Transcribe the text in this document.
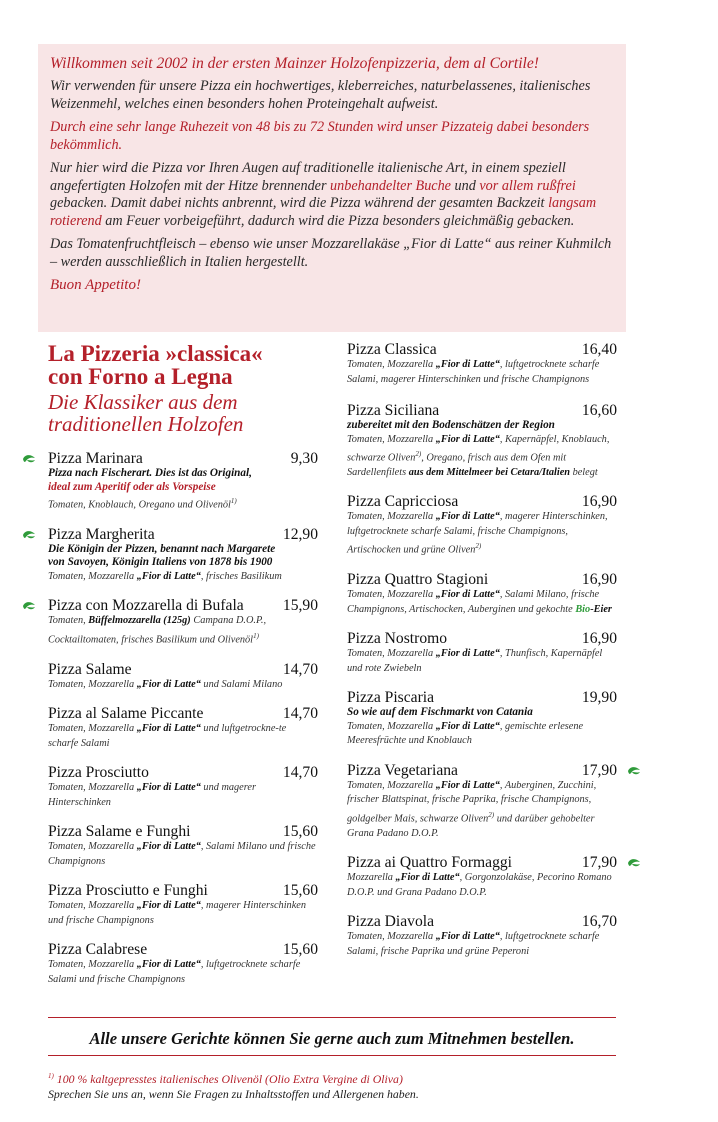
Willkommen seit 2002 in der ersten Mainzer Holzofenpizzeria, dem al Cortile!

Wir verwenden für unsere Pizza ein hochwertiges, kleberreiches, naturbelassenes, italienisches Weizenmehl, welches einen besonders hohen Proteingehalt aufweist.

Durch eine sehr lange Ruhezeit von 48 bis zu 72 Stunden wird unser Pizzateig dabei besonders bekömmlich.

Nur hier wird die Pizza vor Ihren Augen auf traditionelle italienische Art, in einem speziell angefertigten Holzofen mit der Hitze brennender unbehandelter Buche und vor allem rußfrei gebacken. Damit dabei nichts anbrennt, wird die Pizza während der gesamten Backzeit langsam rotierend am Feuer vorbeigeführt, dadurch wird die Pizza besonders gleichmäßig gebacken.

Das Tomatenfruchtfleisch – ebenso wie unser Mozzarellakäse „Fior di Latte“ aus reiner Kuhmilch – werden ausschließlich in Italien hergestellt.

Buon Appetito!

La Pizzeria »classica«
con Forno a Legna
Die Klassiker aus dem
traditionellen Holzofen
Pizza Marinara	9,30
Pizza nach Fischerart. Dies ist das Original,
ideal zum Aperitif oder als Vorspeise
Tomaten, Knoblauch, Oregano und Olivenöl$^{1)}$
Pizza Margherita	12,90
Die Königin der Pizzen, benannt nach Margarete
von Savoyen, Königin Italiens von 1878 bis 1900
Tomaten, Mozzarella „Fior di Latte“, frisches Basilikum
Pizza con Mozzarella di Bufala	15,90
Tomaten, Büffelmozzarella (125g) Campana D.O.P., Cocktailtomaten, frisches Basilikum und Olivenöl$^{1)}$
Pizza Salame	14,70
Tomaten, Mozzarella „Fior di Latte“ und Salami Milano
Pizza al Salame Piccante	14,70
Tomaten, Mozzarella „Fior di Latte“ und luftgetrockne-te scharfe Salami
Pizza Prosciutto	14,70
Tomaten, Mozzarella „Fior di Latte“ und magerer Hinterschinken
Pizza Salame e Funghi	15,60
Tomaten, Mozzarella „Fior di Latte“, Salami Milano und frische Champignons
Pizza Prosciutto e Funghi	15,60
Tomaten, Mozzarella „Fior di Latte“, magerer Hinterschinken und frische Champignons
Pizza Calabrese	15,60
Tomaten, Mozzarella „Fior di Latte“, luftgetrocknete scharfe Salami und frische Champignons
Pizza Classica	16,40
Tomaten, Mozzarella „Fior di Latte“, luftgetrocknete scharfe Salami, magerer Hinterschinken und frische Champignons
Pizza Siciliana	16,60
zubereitet mit den Bodenschätzen der Region
Tomaten, Mozzarella „Fior di Latte“, Kapernäpfel, Knoblauch, schwarze Oliven$^{2)}$, Oregano, frisch aus dem Ofen mit Sardellenfilets aus dem Mittelmeer bei Cetara/Italien belegt
Pizza Capricciosa	16,90
Tomaten, Mozzarella „Fior di Latte“, magerer Hinterschinken, luftgetrocknete scharfe Salami, frische Champignons, Artischocken und grüne Oliven$^{2)}$
Pizza Quattro Stagioni	16,90
Tomaten, Mozzarella „Fior di Latte“, Salami Milano, frische Champignons, Artischocken, Auberginen und gekochte Bio-Eier
Pizza Nostromo	16,90
Tomaten, Mozzarella „Fior di Latte“, Thunfisch, Kapernäpfel und rote Zwiebeln
Pizza Piscaria	19,90
So wie auf dem Fischmarkt von Catania
Tomaten, Mozzarella „Fior di Latte“, gemischte erlesene Meeresfrüchte und Knoblauch
Pizza Vegetariana	17,90
Tomaten, Mozzarella „Fior di Latte“, Auberginen, Zucchini, frischer Blattspinat, frische Paprika, frische Champignons, goldgelber Mais, schwarze Oliven$^{2)}$ und darüber gehobelter Grana Padano D.O.P.
Pizza ai Quattro Formaggi	17,90
Mozzarella „Fior di Latte“, Gorgonzolakäse, Pecorino Romano D.O.P. und Grana Padano D.O.P.
Pizza Diavola	16,70
Tomaten, Mozzarella „Fior di Latte“, luftgetrocknete scharfe Salami, frische Paprika und grüne Peperoni
Alle unsere Gerichte können Sie gerne auch zum Mitnehmen bestellen.
$^{1)}$ 100 % kaltgepresstes italienisches Olivenöl (Olio Extra Vergine di Oliva)
Sprechen Sie uns an, wenn Sie Fragen zu Inhaltsstoffen und Allergenen haben.
